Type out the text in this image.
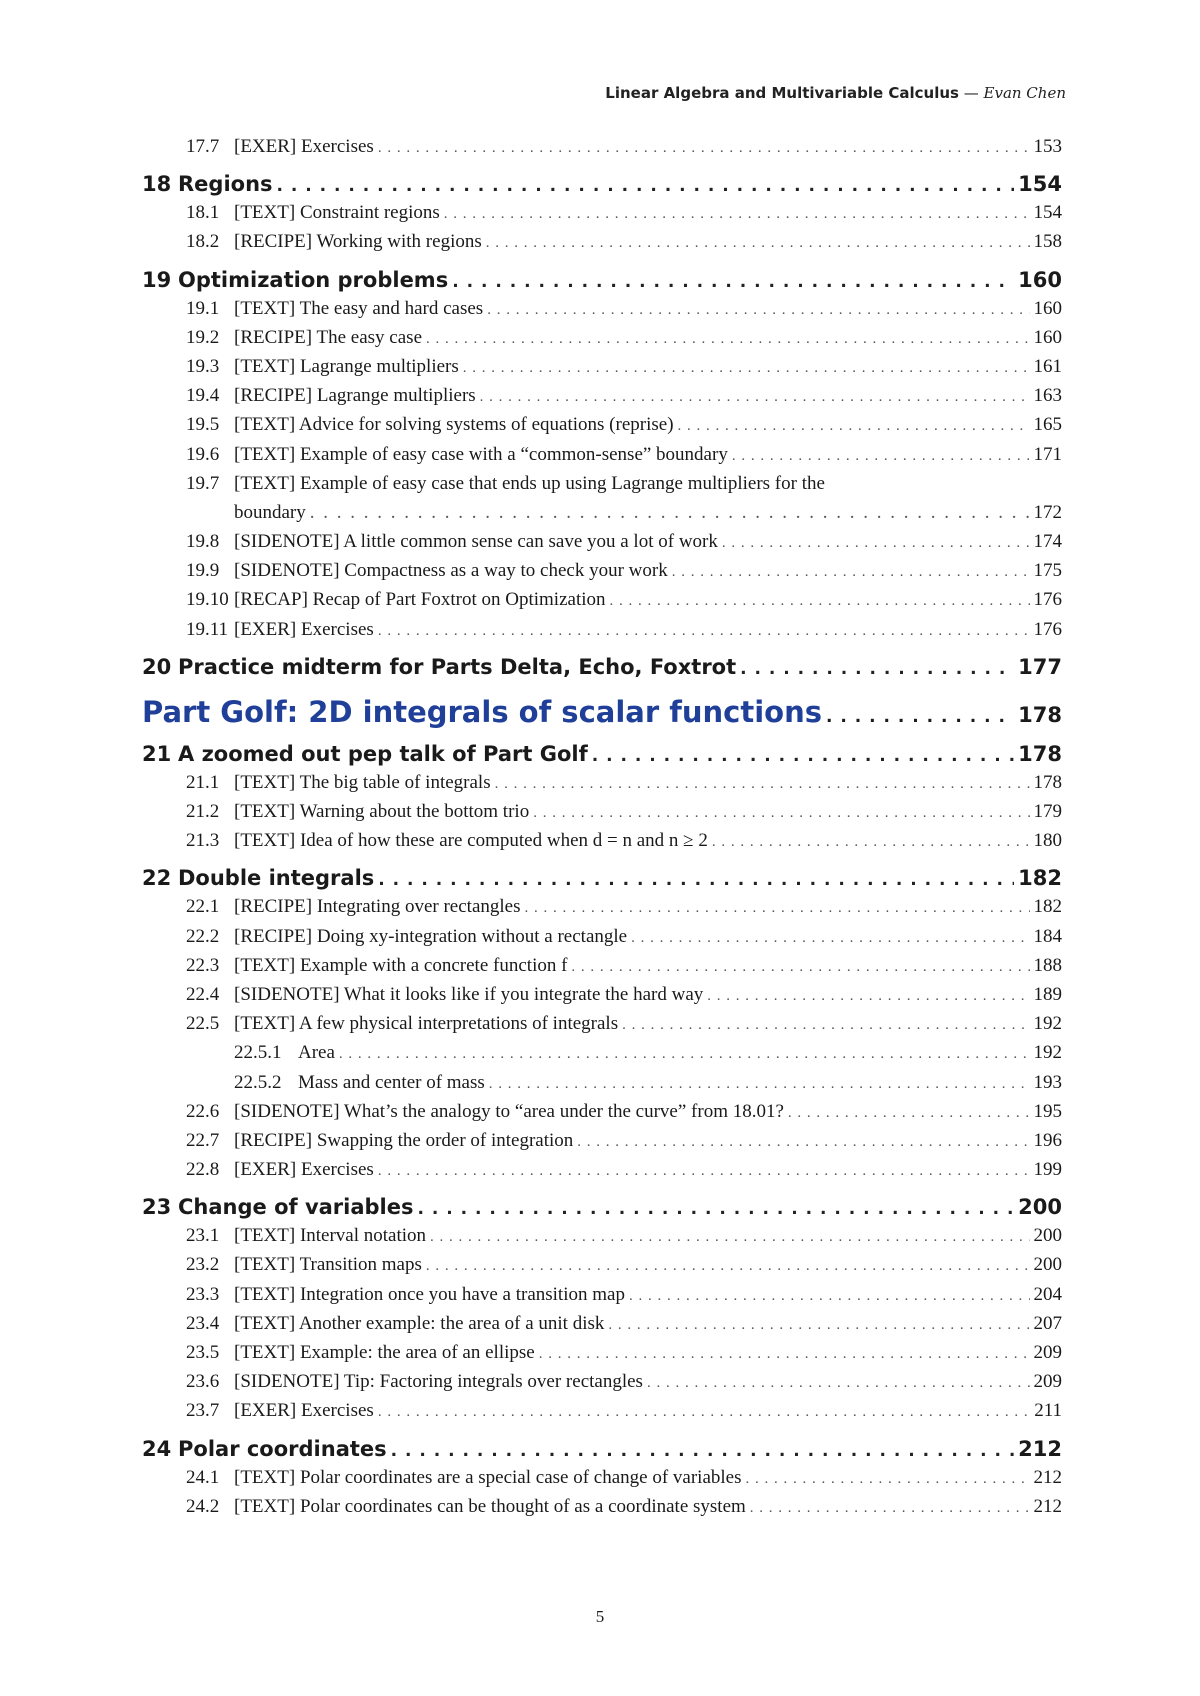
Linear Algebra and Multivariable Calculus — Evan Chen
17.7 [EXER] Exercises . . .	153
18 Regions . . .	154
18.1 [TEXT] Constraint regions . . .	154
18.2 [RECIPE] Working with regions . . .	158
19 Optimization problems . . .	160
19.1 [TEXT] The easy and hard cases . . .	160
19.2 [RECIPE] The easy case . . .	160
19.3 [TEXT] Lagrange multipliers . . .	161
19.4 [RECIPE] Lagrange multipliers . . .	163
19.5 [TEXT] Advice for solving systems of equations (reprise) . . .	165
19.6 [TEXT] Example of easy case with a “common-sense” boundary . . .	171
19.7 [TEXT] Example of easy case that ends up using Lagrange multipliers for the
boundary . . .	172
19.8 [SIDENOTE] A little common sense can save you a lot of work . . .	174
19.9 [SIDENOTE] Compactness as a way to check your work . . .	175
19.10 [RECAP] Recap of Part Foxtrot on Optimization . . .	176
19.11 [EXER] Exercises . . .	176
20 Practice midterm for Parts Delta, Echo, Foxtrot . . .	177
Part Golf: 2D integrals of scalar functions . . .	178
21 A zoomed out pep talk of Part Golf . . .	178
21.1 [TEXT] The big table of integrals . . .	178
21.2 [TEXT] Warning about the bottom trio . . .	179
21.3 [TEXT] Idea of how these are computed when d = n and n ≥ 2 . . .	180
22 Double integrals . . .	182
22.1 [RECIPE] Integrating over rectangles . . .	182
22.2 [RECIPE] Doing xy-integration without a rectangle . . .	184
22.3 [TEXT] Example with a concrete function f . . .	188
22.4 [SIDENOTE] What it looks like if you integrate the hard way . . .	189
22.5 [TEXT] A few physical interpretations of integrals . . .	192
22.5.1 Area . . .	192
22.5.2 Mass and center of mass . . .	193
22.6 [SIDENOTE] What’s the analogy to “area under the curve” from 18.01? . . .	195
22.7 [RECIPE] Swapping the order of integration . . .	196
22.8 [EXER] Exercises . . .	199
23 Change of variables . . .	200
23.1 [TEXT] Interval notation . . .	200
23.2 [TEXT] Transition maps . . .	200
23.3 [TEXT] Integration once you have a transition map . . .	204
23.4 [TEXT] Another example: the area of a unit disk . . .	207
23.5 [TEXT] Example: the area of an ellipse . . .	209
23.6 [SIDENOTE] Tip: Factoring integrals over rectangles . . .	209
23.7 [EXER] Exercises . . .	211
24 Polar coordinates . . .	212
24.1 [TEXT] Polar coordinates are a special case of change of variables . . .	212
24.2 [TEXT] Polar coordinates can be thought of as a coordinate system . . .	212
5
